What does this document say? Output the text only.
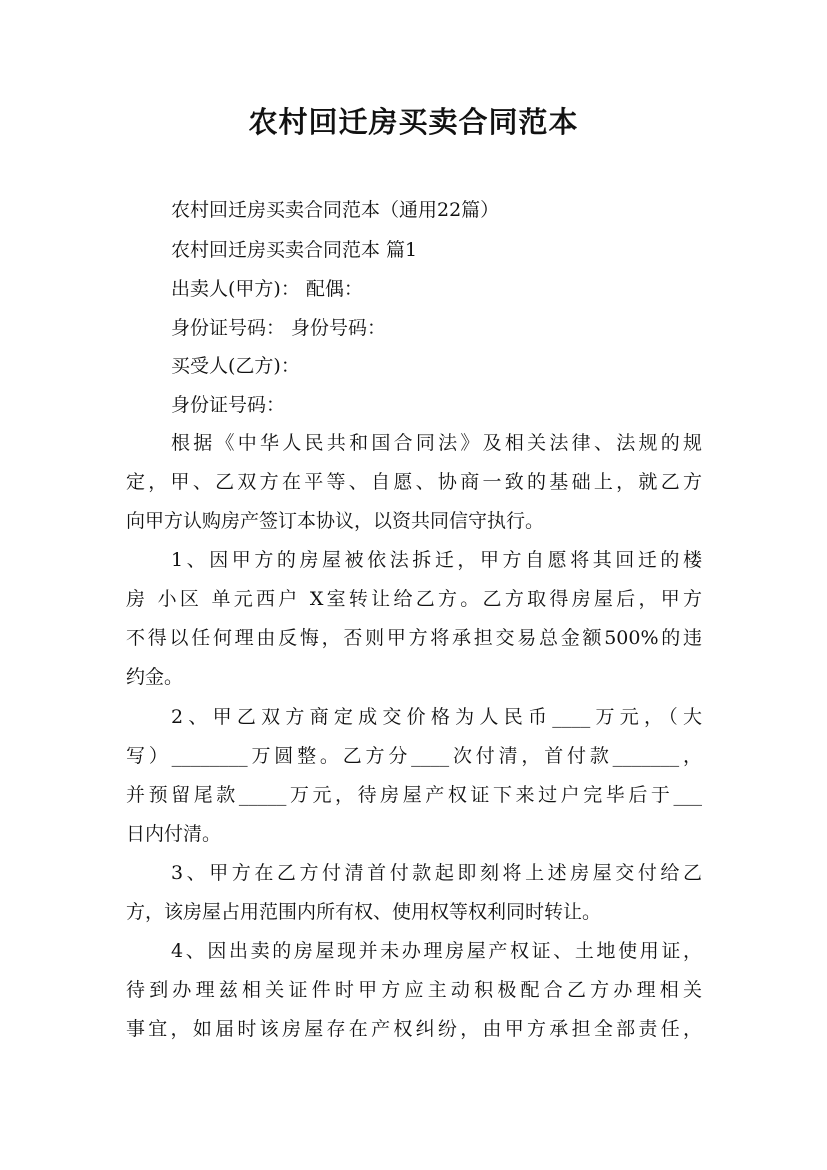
农村回迁房买卖合同范本
农村回迁房买卖合同范本（通用22篇）
农村回迁房买卖合同范本 篇1
出卖人(甲方)： 配偶：
身份证号码： 身份号码：
买受人(乙方)：
身份证号码：
根据《中华人民共和国合同法》及相关法律、法规的规
定，甲、乙双方在平等、自愿、协商一致的基础上，就乙方
向甲方认购房产签订本协议，以资共同信守执行。
1、因甲方的房屋被依法拆迁，甲方自愿将其回迁的楼
房 小区 单元西户 X室转让给乙方。乙方取得房屋后，甲方
不得以任何理由反悔，否则甲方将承担交易总金额500%的违
约金。
2、甲乙双方商定成交价格为人民币____万元，（大
写）________万圆整。乙方分____次付清，首付款_______，
并预留尾款_____万元，待房屋产权证下来过户完毕后于___
日内付清。
3、甲方在乙方付清首付款起即刻将上述房屋交付给乙
方，该房屋占用范围内所有权、使用权等权利同时转让。
4、因出卖的房屋现并未办理房屋产权证、土地使用证，
待到办理兹相关证件时甲方应主动积极配合乙方办理相关
事宜，如届时该房屋存在产权纠纷，由甲方承担全部责任，
